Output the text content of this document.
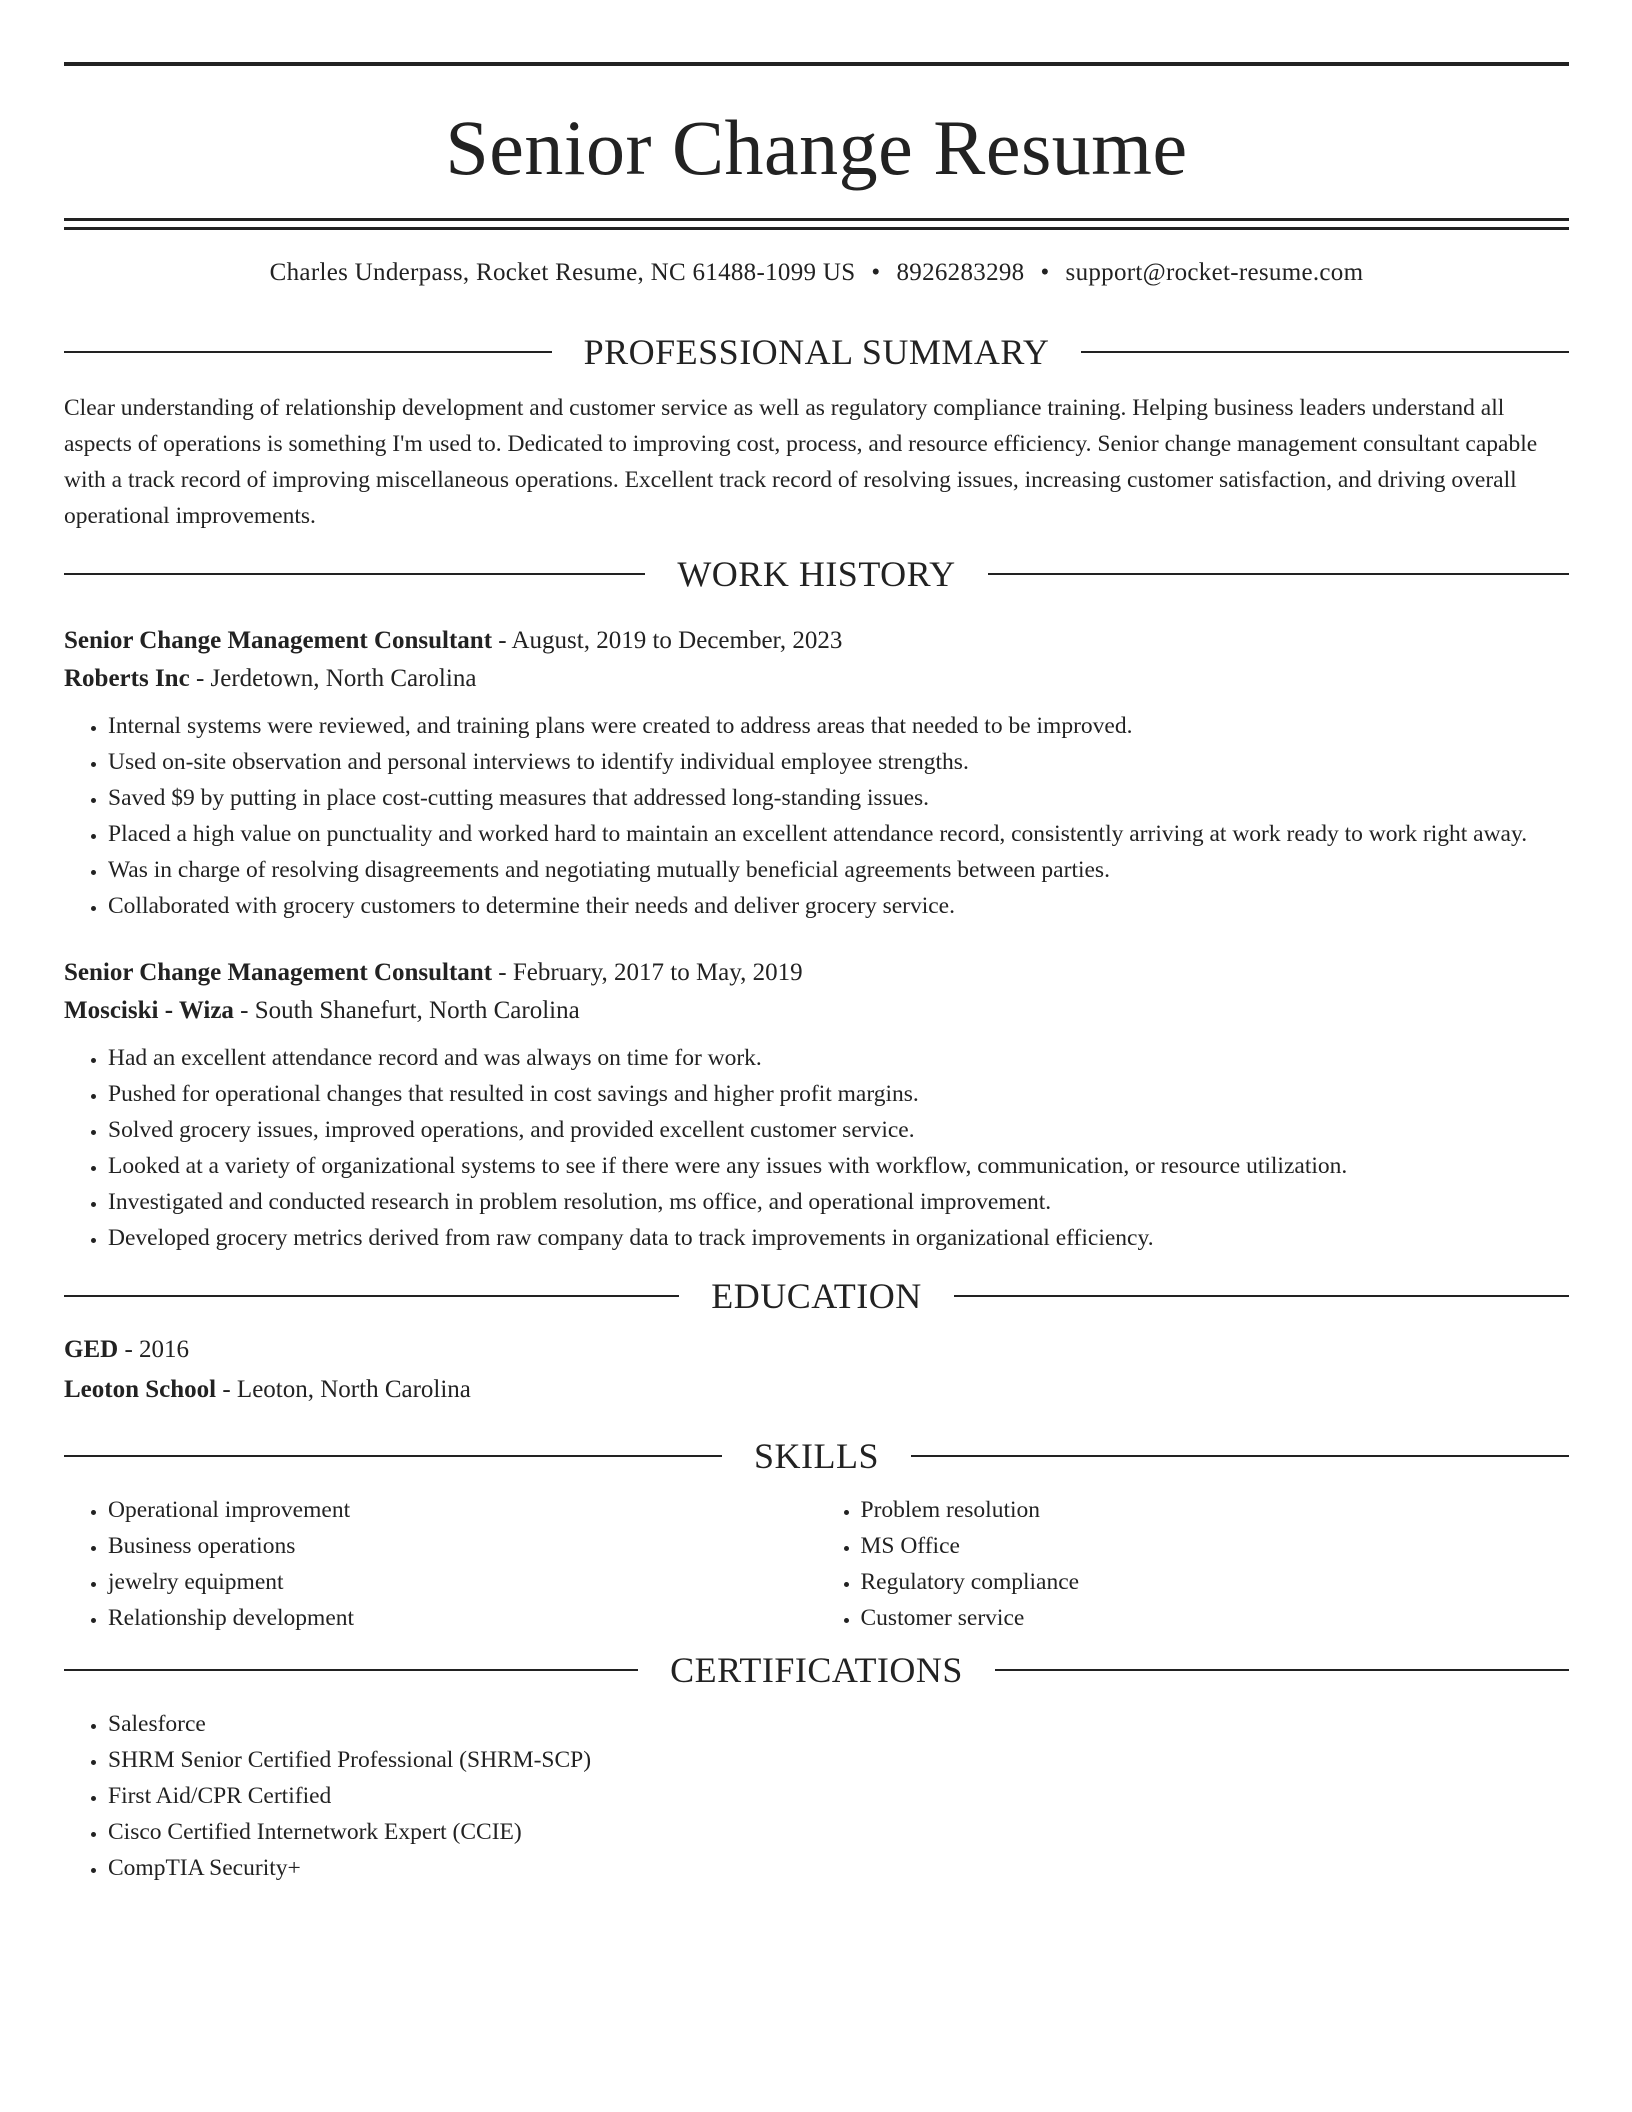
Senior Change Resume
Charles Underpass, Rocket Resume, NC 61488-1099 US • 8926283298 • support@rocket-resume.com
PROFESSIONAL SUMMARY

Clear understanding of relationship development and customer service as well as regulatory compliance training. Helping business leaders understand all aspects of operations is something I'm used to. Dedicated to improving cost, process, and resource efficiency. Senior change management consultant capable with a track record of improving miscellaneous operations. Excellent track record of resolving issues, increasing customer satisfaction, and driving overall operational improvements.

WORK HISTORY
Senior Change Management Consultant - August, 2019 to December, 2023
Roberts Inc - Jerdetown, North Carolina
• Internal systems were reviewed, and training plans were created to address areas that needed to be improved.
• Used on-site observation and personal interviews to identify individual employee strengths.
• Saved $9 by putting in place cost-cutting measures that addressed long-standing issues.
• Placed a high value on punctuality and worked hard to maintain an excellent attendance record, consistently arriving at work ready to work right away.
• Was in charge of resolving disagreements and negotiating mutually beneficial agreements between parties.
• Collaborated with grocery customers to determine their needs and deliver grocery service.
Senior Change Management Consultant - February, 2017 to May, 2019
Mosciski - Wiza - South Shanefurt, North Carolina
• Had an excellent attendance record and was always on time for work.
• Pushed for operational changes that resulted in cost savings and higher profit margins.
• Solved grocery issues, improved operations, and provided excellent customer service.
• Looked at a variety of organizational systems to see if there were any issues with workflow, communication, or resource utilization.
• Investigated and conducted research in problem resolution, ms office, and operational improvement.
• Developed grocery metrics derived from raw company data to track improvements in organizational efficiency.
EDUCATION
GED - 2016
Leoton School - Leoton, North Carolina
SKILLS
• Operational improvement
• Business operations
• jewelry equipment
• Relationship development
• Problem resolution
• MS Office
• Regulatory compliance
• Customer service
CERTIFICATIONS
• Salesforce
• SHRM Senior Certified Professional (SHRM-SCP)
• First Aid/CPR Certified
• Cisco Certified Internetwork Expert (CCIE)
• CompTIA Security+
